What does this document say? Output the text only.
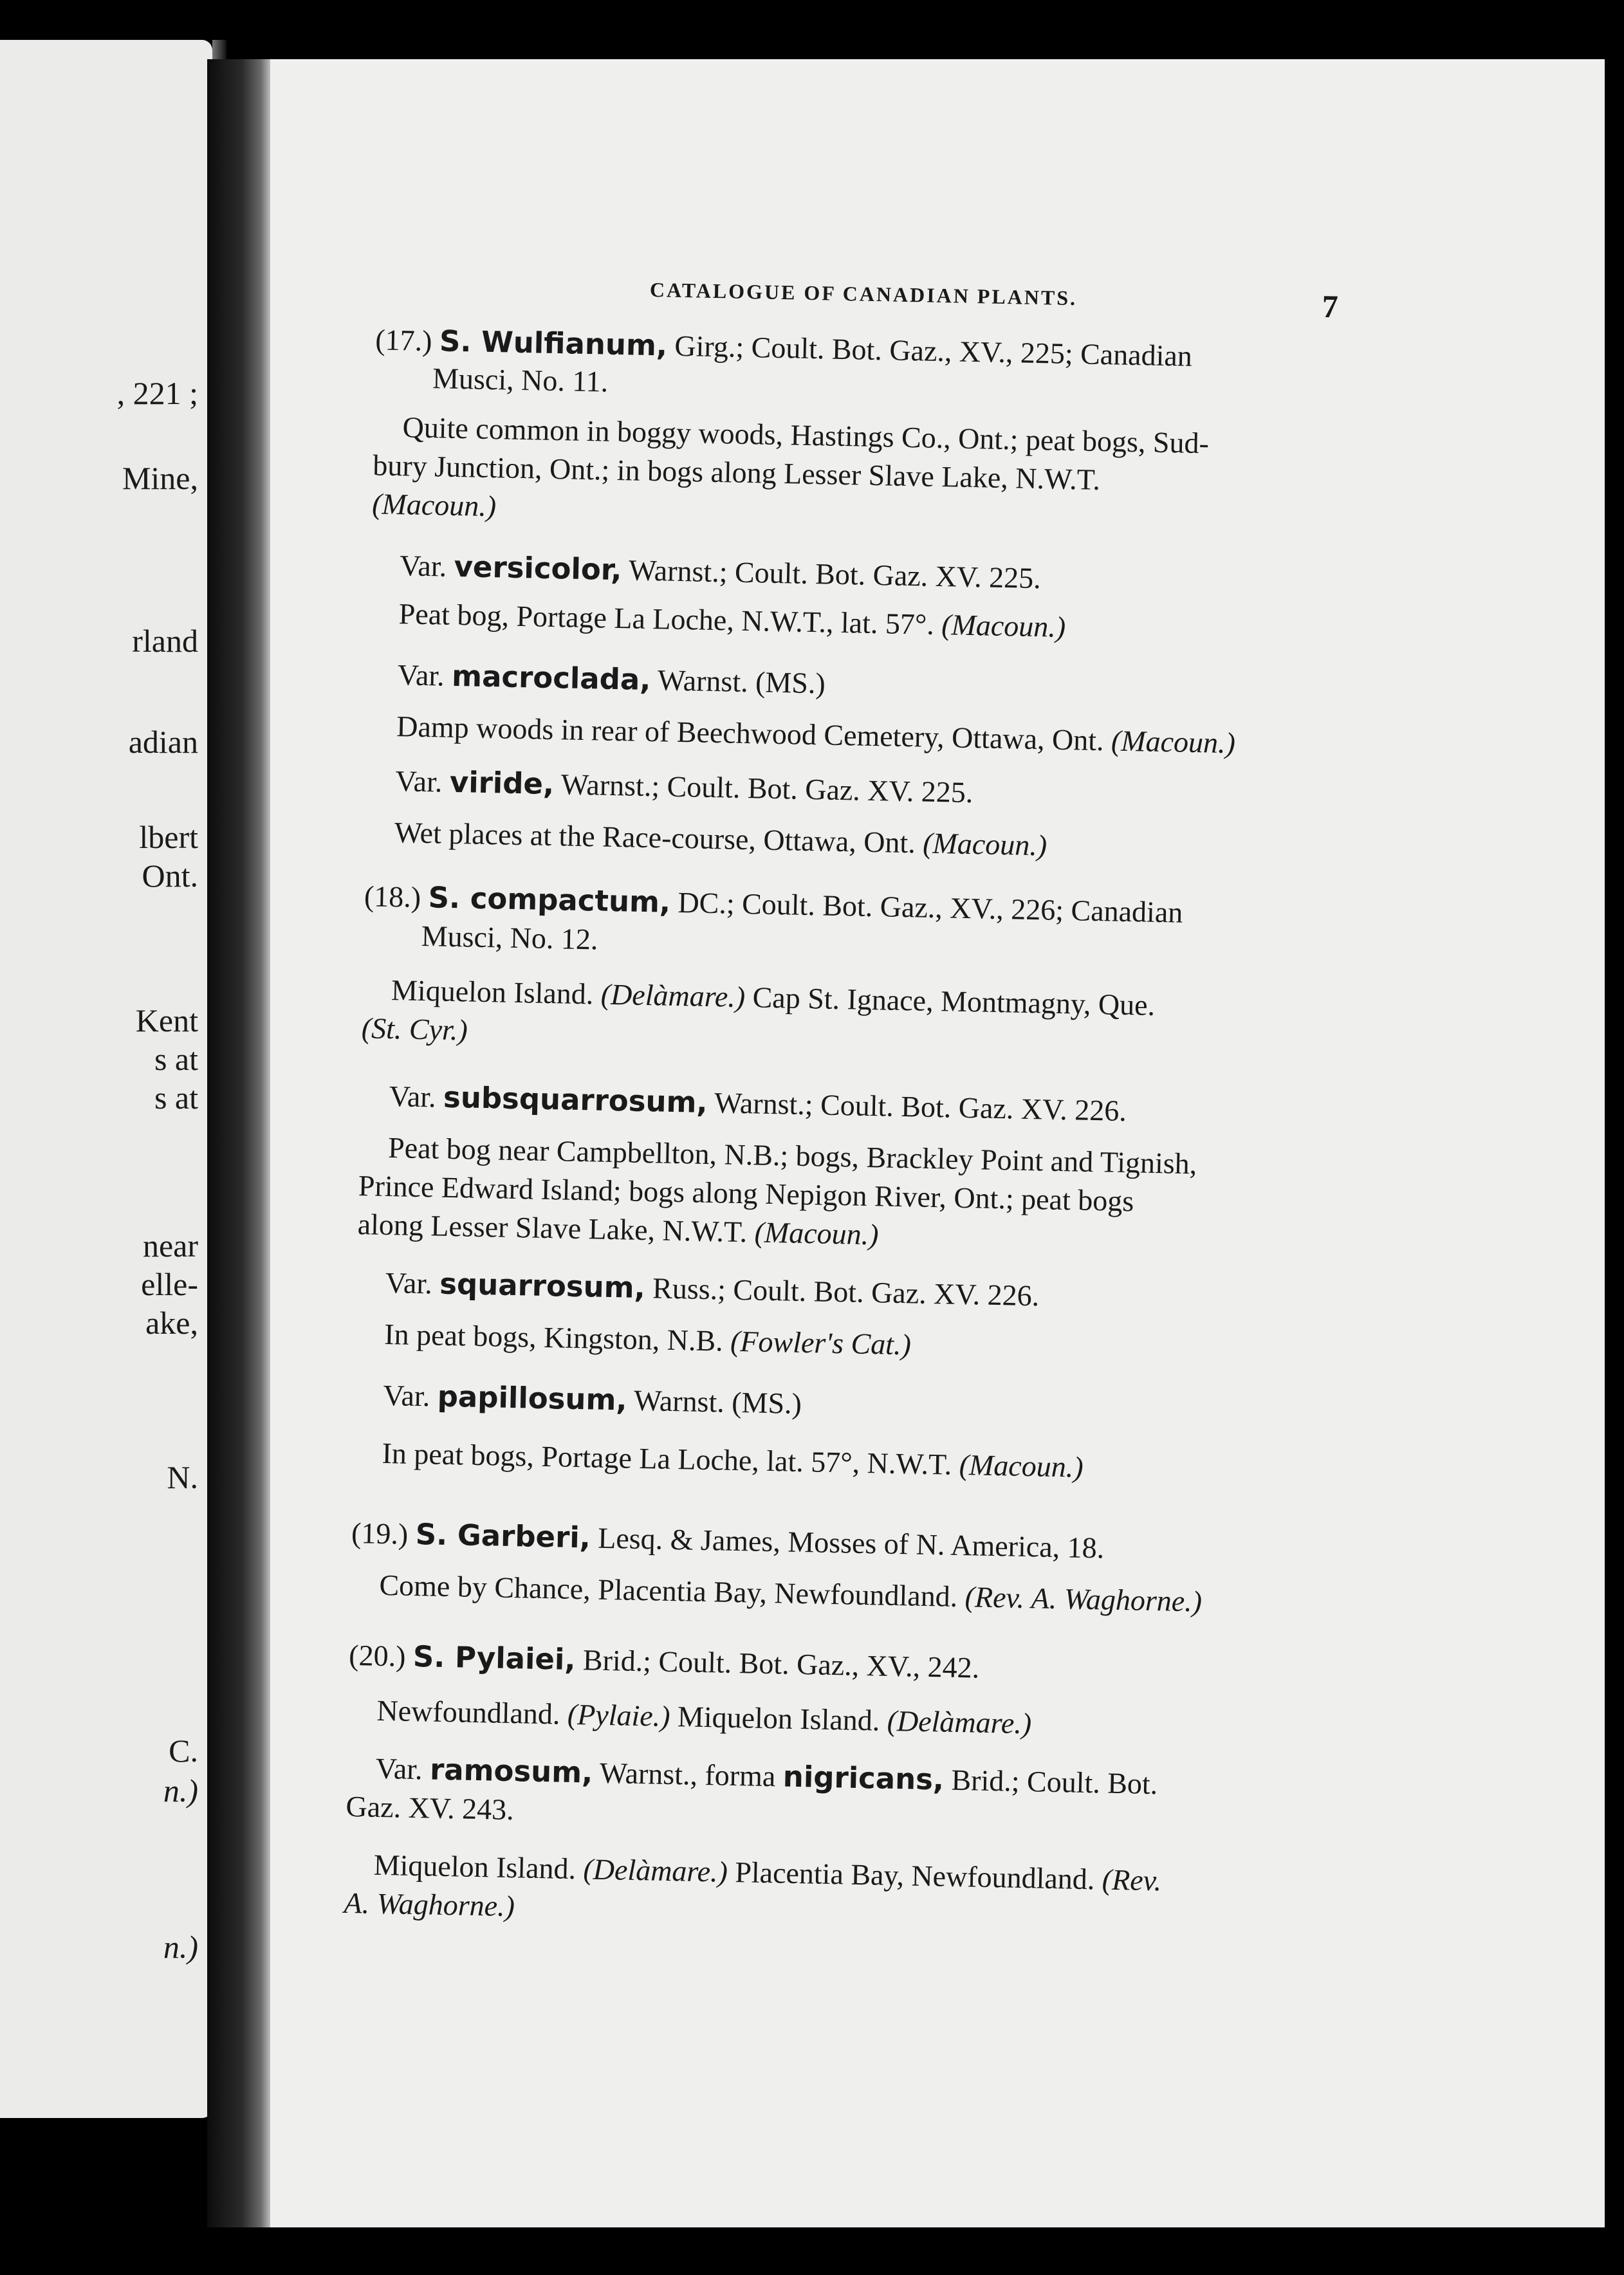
, 221 ;
Mine,
rland
adian
lbert
Ont.
Kent
s at
s at
near
elle-
ake,
N.
C.
n.)
n.)
CATALOGUE OF CANADIAN PLANTS.	7
(17.) S. Wulfianum, Girg.; Coult. Bot. Gaz., XV., 225; Canadian
Musci, No. 11.
Quite common in boggy woods, Hastings Co., Ont.; peat bogs, Sud-
bury Junction, Ont.; in bogs along Lesser Slave Lake, N.W.T.
(Macoun.)
Var. versicolor, Warnst.; Coult. Bot. Gaz. XV. 225.
Peat bog, Portage La Loche, N.W.T., lat. 57°. (Macoun.)
Var. macroclada, Warnst. (MS.)
Damp woods in rear of Beechwood Cemetery, Ottawa, Ont. (Macoun.)
Var. viride, Warnst.; Coult. Bot. Gaz. XV. 225.
Wet places at the Race-course, Ottawa, Ont. (Macoun.)
(18.) S. compactum, DC.; Coult. Bot. Gaz., XV., 226; Canadian
Musci, No. 12.
Miquelon Island. (Delàmare.) Cap St. Ignace, Montmagny, Que.
(St. Cyr.)
Var. subsquarrosum, Warnst.; Coult. Bot. Gaz. XV. 226.
Peat bog near Campbellton, N.B.; bogs, Brackley Point and Tignish,
Prince Edward Island; bogs along Nepigon River, Ont.; peat bogs
along Lesser Slave Lake, N.W.T. (Macoun.)
Var. squarrosum, Russ.; Coult. Bot. Gaz. XV. 226.
In peat bogs, Kingston, N.B. (Fowler's Cat.)
Var. papillosum, Warnst. (MS.)
In peat bogs, Portage La Loche, lat. 57°, N.W.T. (Macoun.)
(19.) S. Garberi, Lesq. & James, Mosses of N. America, 18.
Come by Chance, Placentia Bay, Newfoundland. (Rev. A. Waghorne.)
(20.) S. Pylaiei, Brid.; Coult. Bot. Gaz., XV., 242.
Newfoundland. (Pylaie.) Miquelon Island. (Delàmare.)
Var. ramosum, Warnst., forma nigricans, Brid.; Coult. Bot.
Gaz. XV. 243.
Miquelon Island. (Delàmare.) Placentia Bay, Newfoundland. (Rev.
A. Waghorne.)
